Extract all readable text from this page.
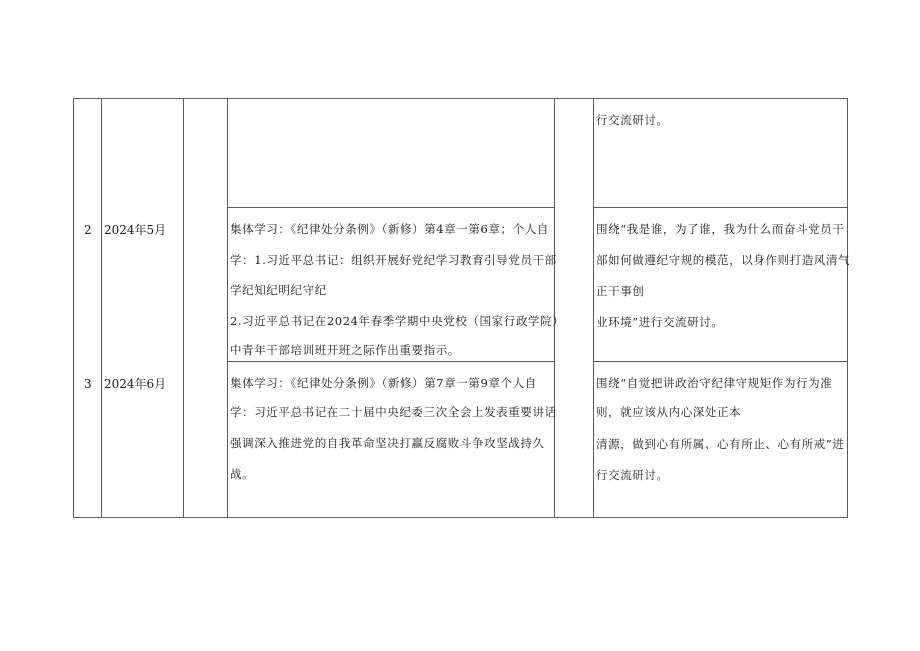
行交流研讨。
2 2024年5月	集体学习：《纪律处分条例》（新修）第4章一第6章；个人自
学：1.习近平总书记：组织开展好党纪学习教育引导党员干部
学纪知纪明纪守纪
2.习近平总书记在2024年春季学期中央党校（国家行政学院）
中青年干部培训班开班之际作出重要指示。
围绕“我是谁，为了谁，我为什么而奋斗党员干
部如何做遵纪守规的模范，以身作则打造风清气
正干事创
业环境”进行交流研讨。
3 2024年6月	集体学习：《纪律处分条例》（新修）第7章一第9章个人自
学：习近平总书记在二十届中央纪委三次全会上发表重要讲话
强调深入推进党的自我革命坚决打赢反腐败斗争攻坚战持久
战。
围绕“自觉把讲政治守纪律守规矩作为行为准
则，就应该从内心深处正本
清源，做到心有所属、心有所止、心有所戒”进
行交流研讨。
